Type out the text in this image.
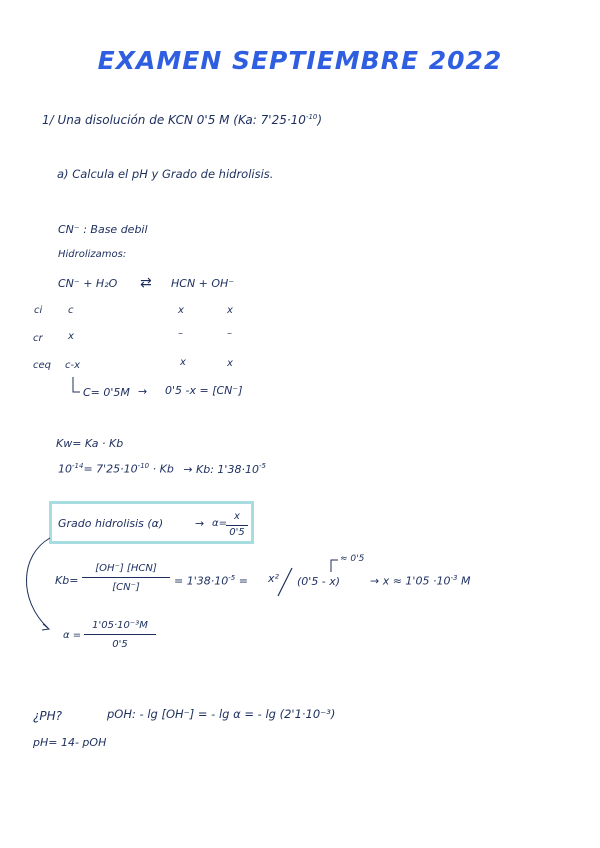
EXAMEN SEPTIEMBRE 2022
1/ Una disolución de KCN 0'5 M (Ka: $7'25\cdot 10^{-10}$)
a) Calcula el pH y Grado de hidrolisis.
CN⁻ : Base debil
Hidrolizamos:
CN⁻ + H₂O ⇄ HCN + OH⁻
ci	c	x	x
cr	x	–	–
ceq c-x	x	x
C= 0'5M → 0'5 -x = [CN⁻]
Kw= Ka · Kb
$10^{-14}= 7'25\cdot 10^{-10} \cdot Kb \to Kb$: $1'38\cdot 10^{-5}$
Grado hidrolisis (α)	→ $\alpha= \frac{x}{0'5}$
Kb=
[OH⁻] [HCN]
[CN⁻]	= $1'38\cdot 10^{-5} = x^2$ (0'5 - x)
≈ 0'5
→ $x \approx 1'05 \cdot 10^{-3}$ M
$\alpha = \frac{\text{1'05·10⁻³M}}{0'5}$
¿PH?	pOH: - lg [OH⁻] = - lg α = - lg (2'1·10⁻³)
pH= 14- pOH
